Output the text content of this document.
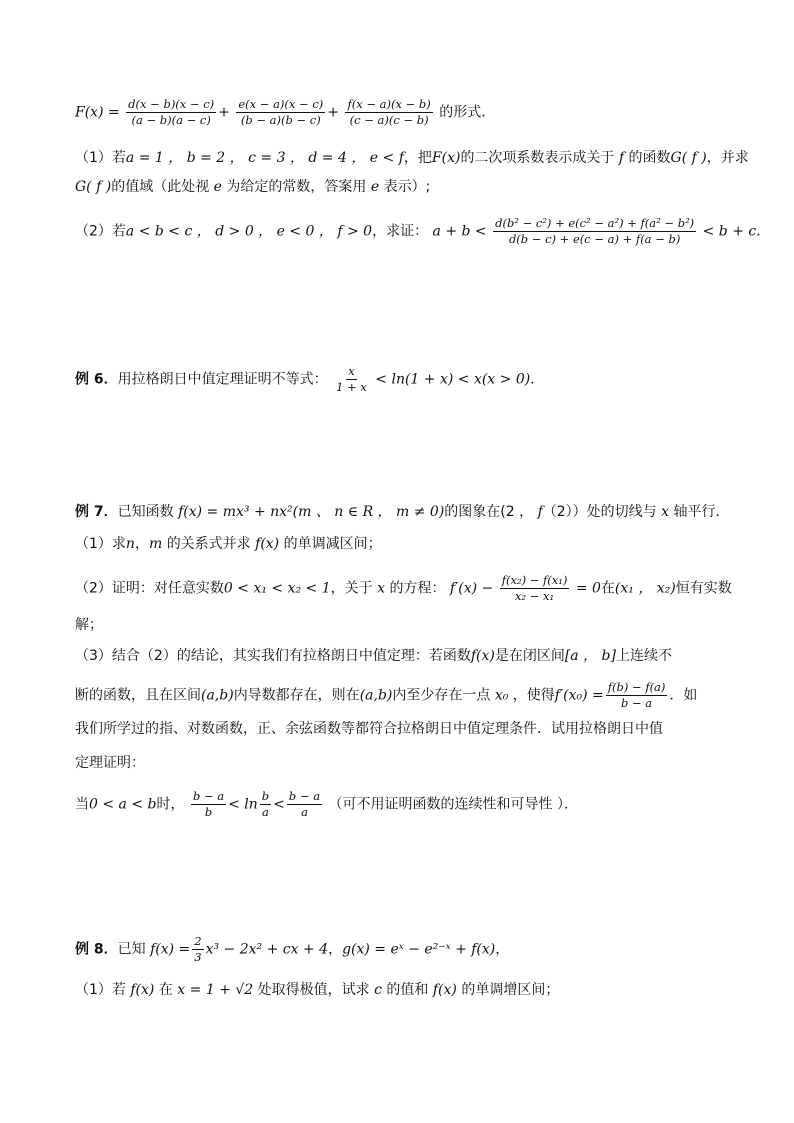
$F(x) = \frac{d(x - b)(x - c)}{(a - b)(a - c)} + \frac{e(x - a)(x - c)}{(b - a)(b - c)} + \frac{f(x - a)(x - b)}{(c - a)(c - b)}$ 的形式．
（1）若a = 1 ， b = 2 ， c = 3 ， d = 4 ， e < f，把F(x)的二次项系数表示成关于 f 的函数G( f )，并求
G( f )的值域（此处视 e 为给定的常数，答案用 e 表示）;
（2）若a < b < c ， d > 0 ， e < 0 ， f > 0，求证： $a + b < \frac{\text{d(b² − c²) + e(c² − a²) + f(a² − b²)}}{d(b - c) + e(c - a) + f(a - b)} < b + c$．
例 6．用拉格朗日中值定理证明不等式： $\frac{x}{1 + x} < \ln(1 + x) < x(x > 0)$．
例 7．已知函数 f(x) = mx³ + nx²(m 、 n ∈ R ， m ≠ 0)的图象在(2 ， f（2））处的切线与 x 轴平行．
（1）求n，m 的关系式并求 f(x) 的单调减区间；
（2）证明：对任意实数0 < x₁ < x₂ < 1，关于 x 的方程： $f'(x) - \frac{\text{f(x₂) − f(x₁)}}{\text{x₂ − x₁}} = 0$在(x₁ ， x₂)恒有实数
解；
（3）结合（2）的结论，其实我们有拉格朗日中值定理：若函数f(x)是在闭区间[a ， b]上连续不
断的函数，且在区间(a,b)内导数都存在，则在(a,b)内至少存在一点 x₀ ，使得$f'(x_0) = \frac{f(b) - f(a)}{b - a}$ ．如
我们所学过的指、对数函数，正、余弦函数等都符合拉格朗日中值定理条件．试用拉格朗日中值
定理证明：
当0 < a < b时， $\frac{b - a}{b} < \ln \frac{b}{a} < \frac{b - a}{a}$ （可不用证明函数的连续性和可导性 ）．
例 8．已知 $f(x) = \frac{2}{3} x^3 - 2x^2$ + cx + 4，g(x) = eˣ − e²⁻ˣ + f(x)，
（1）若 f(x) 在 x = 1 + √2 处取得极值，试求 c 的值和 f(x) 的单调增区间；
